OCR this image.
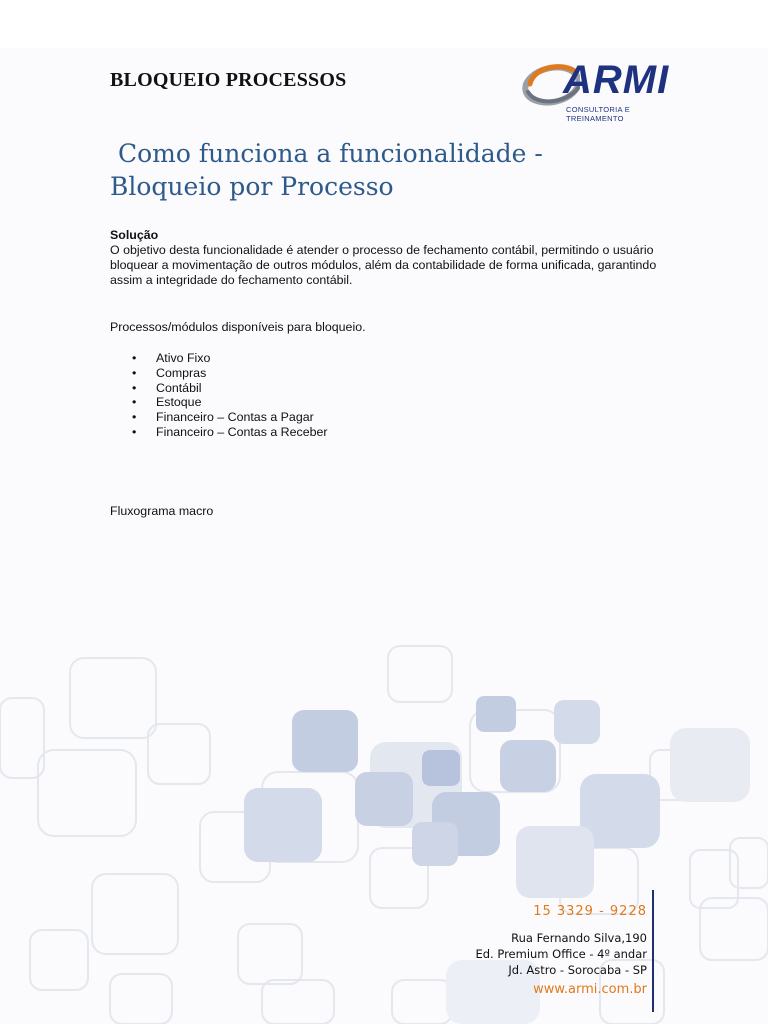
BLOQUEIO PROCESSOS	ARMI
CONSULTORIA E TREINAMENTO
Como funciona a funcionalidade -
Bloqueio por Processo
Solução
O objetivo desta funcionalidade é atender o processo de fechamento contábil, permitindo o usuário bloquear a movimentação de outros módulos, além da contabilidade de forma unificada, garantindo assim a integridade do fechamento contábil.
Processos/módulos disponíveis para bloqueio.
• Ativo Fixo
• Compras
• Contábil
• Estoque
• Financeiro – Contas a Pagar
• Financeiro – Contas a Receber
Fluxograma macro
15 3329 - 9228
Rua Fernando Silva,190
Ed. Premium Office - 4º andar
Jd. Astro - Sorocaba - SP
www.armi.com.br
